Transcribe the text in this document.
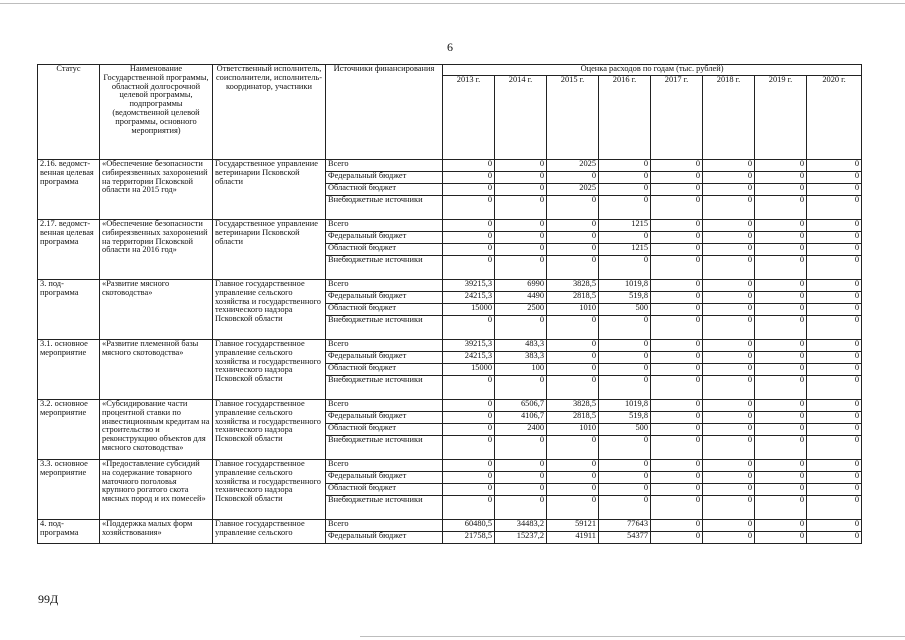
6
Статус	Наименование Государственной программы, областной долгосрочной целевой программы, подпрограммы (ведомственной целевой программы, основного мероприятия)	Ответственный исполнитель, соисполнители, исполнитель-координатор, участники	Источники финансирования	Оценка расходов по годам (тыс. рублей)							
				2013 г.	2014 г.	2015 г.	2016 г.	2017 г.	2018 г.	2019 г.	2020 г.
2.16. ведомст-венная целевая программа	«Обеспечение безопасности сибиреязвенных захоронений на территории Псковской области на 2015 год»	Государственное управление ветеринарии Псковской области	Всего	0	0	2025	0	0	0	0	0
			Федеральный бюджет	0	0	0	0	0	0	0	0
			Областной бюджет	0	0	2025	0	0	0	0	0
			Внебюджетные источники	0	0	0	0	0	0	0	0
2.17. ведомст-венная целевая программа	«Обеспечение безопасности сибиреязвенных захоронений на территории Псковской области на 2016 год»	Государственное управление ветеринарии Псковской области	Всего	0	0	0	1215	0	0	0	0
			Федеральный бюджет	0	0	0	0	0	0	0	0
			Областной бюджет	0	0	0	1215	0	0	0	0
			Внебюджетные источники	0	0	0	0	0	0	0	0
3. под-программа	«Развитие мясного скотоводства»	Главное государственное управление сельского хозяйства и государственного технического надзора Псковской области	Всего	39215,3	6990	3828,5	1019,8	0	0	0	0
			Федеральный бюджет	24215,3	4490	2818,5	519,8	0	0	0	0
			Областной бюджет	15000	2500	1010	500	0	0	0	0
			Внебюджетные источники	0	0	0	0	0	0	0	0
3.1. основное мероприятие	«Развитие племенной базы мясного скотоводства»	Главное государственное управление сельского хозяйства и государственного технического надзора Псковской области	Всего	39215,3	483,3	0	0	0	0	0	0
			Федеральный бюджет	24215,3	383,3	0	0	0	0	0	0
			Областной бюджет	15000	100	0	0	0	0	0	0
			Внебюджетные источники	0	0	0	0	0	0	0	0
3.2. основное мероприятие	«Субсидирование части процентной ставки по инвестиционным кредитам на строительство и реконструкцию объектов для мясного скотоводства»	Главное государственное управление сельского хозяйства и государственного технического надзора Псковской области	Всего	0	6506,7	3828,5	1019,8	0	0	0	0
			Федеральный бюджет	0	4106,7	2818,5	519,8	0	0	0	0
			Областной бюджет	0	2400	1010	500	0	0	0	0
			Внебюджетные источники	0	0	0	0	0	0	0	0
3.3. основное мероприятие	«Предоставление субсидий на содержание товарного маточного поголовья крупного рогатого скота мясных пород и их помесей»	Главное государственное управление сельского хозяйства и государственного технического надзора Псковской области	Всего	0	0	0	0	0	0	0	0
			Федеральный бюджет	0	0	0	0	0	0	0	0
			Областной бюджет	0	0	0	0	0	0	0	0
			Внебюджетные источники	0	0	0	0	0	0	0	0
4. под-программа	«Поддержка малых форм хозяйствования»	Главное государственное управление сельского	Всего	60480,5	34483,2	59121	77643	0	0	0	0
			Федеральный бюджет	21758,5	15237,2	41911	54377	0	0	0	0
99Д
